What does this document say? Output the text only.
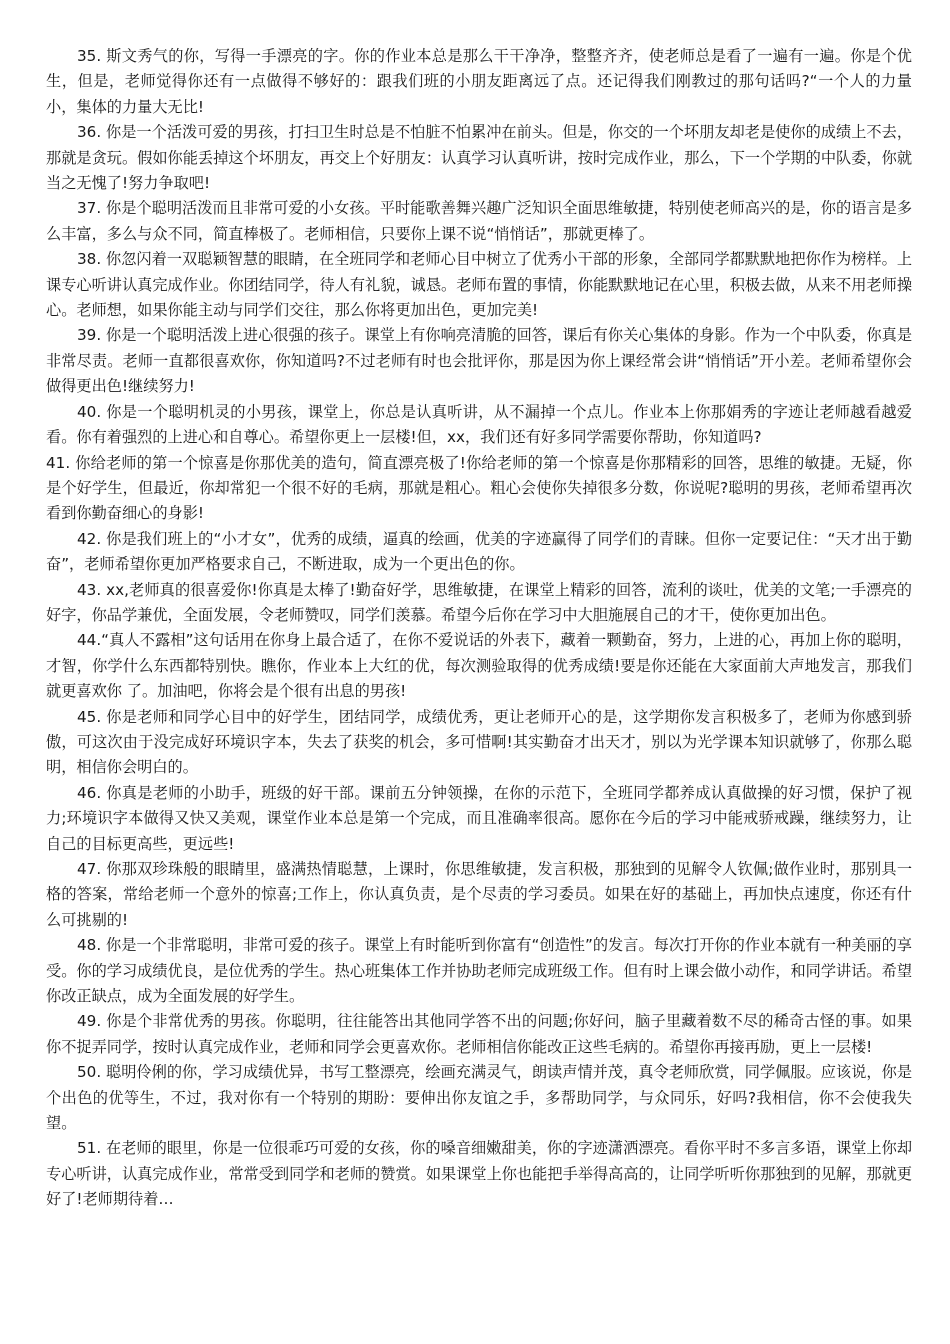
35. 斯文秀气的你，写得一手漂亮的字。你的作业本总是那么干干净净，整整齐齐，使老师总是看了一遍有一遍。你是个优生，但是，老师觉得你还有一点做得不够好的：跟我们班的小朋友距离远了点。还记得我们刚教过的那句话吗?“一个人的力量小，集体的力量大无比!

36. 你是一个活泼可爱的男孩，打扫卫生时总是不怕脏不怕累冲在前头。但是，你交的一个坏朋友却老是使你的成绩上不去，那就是贪玩。假如你能丢掉这个坏朋友，再交上个好朋友：认真学习认真听讲，按时完成作业，那么，下一个学期的中队委，你就当之无愧了!努力争取吧!

37. 你是个聪明活泼而且非常可爱的小女孩。平时能歌善舞兴趣广泛知识全面思维敏捷，特别使老师高兴的是，你的语言是多么丰富，多么与众不同，简直棒极了。老师相信，只要你上课不说“悄悄话”，那就更棒了。

38. 你忽闪着一双聪颖智慧的眼睛，在全班同学和老师心目中树立了优秀小干部的形象，全部同学都默默地把你作为榜样。上课专心听讲认真完成作业。你团结同学，待人有礼貌，诚恳。老师布置的事情，你能默默地记在心里，积极去做，从来不用老师操心。老师想，如果你能主动与同学们交往，那么你将更加出色，更加完美!

39. 你是一个聪明活泼上进心很强的孩子。课堂上有你响亮清脆的回答，课后有你关心集体的身影。作为一个中队委，你真是非常尽责。老师一直都很喜欢你，你知道吗?不过老师有时也会批评你，那是因为你上课经常会讲“悄悄话”开小差。老师希望你会做得更出色!继续努力!

40. 你是一个聪明机灵的小男孩，课堂上，你总是认真听讲，从不漏掉一个点儿。作业本上你那娟秀的字迹让老师越看越爱看。你有着强烈的上进心和自尊心。希望你更上一层楼!但，xx，我们还有好多同学需要你帮助，你知道吗?

41. 你给老师的第一个惊喜是你那优美的造句，简直漂亮极了!你给老师的第一个惊喜是你那精彩的回答，思维的敏捷。无疑，你是个好学生，但最近，你却常犯一个很不好的毛病，那就是粗心。粗心会使你失掉很多分数，你说呢?聪明的男孩，老师希望再次看到你勤奋细心的身影!

42. 你是我们班上的“小才女”，优秀的成绩，逼真的绘画，优美的字迹赢得了同学们的青睐。但你一定要记住：“天才出于勤奋”，老师希望你更加严格要求自己，不断进取，成为一个更出色的你。

43. xx,老师真的很喜爱你!你真是太棒了!勤奋好学，思维敏捷，在课堂上精彩的回答，流利的谈吐，优美的文笔;一手漂亮的好字，你品学兼优，全面发展，令老师赞叹，同学们羡慕。希望今后你在学习中大胆施展自己的才干，使你更加出色。

44.“真人不露相”这句话用在你身上最合适了，在你不爱说话的外表下，藏着一颗勤奋，努力，上进的心，再加上你的聪明，才智，你学什么东西都特别快。瞧你，作业本上大红的优，每次测验取得的优秀成绩!要是你还能在大家面前大声地发言，那我们就更喜欢你 了。加油吧，你将会是个很有出息的男孩!

45. 你是老师和同学心目中的好学生，团结同学，成绩优秀，更让老师开心的是，这学期你发言积极多了，老师为你感到骄傲，可这次由于没完成好环境识字本，失去了获奖的机会，多可惜啊!其实勤奋才出天才，别以为光学课本知识就够了，你那么聪明，相信你会明白的。

46. 你真是老师的小助手，班级的好干部。课前五分钟领操，在你的示范下，全班同学都养成认真做操的好习惯，保护了视力;环境识字本做得又快又美观，课堂作业本总是第一个完成，而且准确率很高。愿你在今后的学习中能戒骄戒躁，继续努力，让自己的目标更高些，更远些!

47. 你那双珍珠般的眼睛里，盛满热情聪慧，上课时，你思维敏捷，发言积极，那独到的见解令人钦佩;做作业时，那别具一格的答案，常给老师一个意外的惊喜;工作上，你认真负责，是个尽责的学习委员。如果在好的基础上，再加快点速度，你还有什么可挑剔的!

48. 你是一个非常聪明，非常可爱的孩子。课堂上有时能听到你富有“创造性”的发言。每次打开你的作业本就有一种美丽的享受。你的学习成绩优良，是位优秀的学生。热心班集体工作并协助老师完成班级工作。但有时上课会做小动作，和同学讲话。希望你改正缺点，成为全面发展的好学生。

49. 你是个非常优秀的男孩。你聪明，往往能答出其他同学答不出的问题;你好问，脑子里藏着数不尽的稀奇古怪的事。如果你不捉弄同学，按时认真完成作业，老师和同学会更喜欢你。老师相信你能改正这些毛病的。希望你再接再励，更上一层楼!

50. 聪明伶俐的你，学习成绩优异，书写工整漂亮，绘画充满灵气，朗读声情并茂，真令老师欣赏，同学佩服。应该说，你是个出色的优等生，不过，我对你有一个特别的期盼：要伸出你友谊之手，多帮助同学，与众同乐，好吗?我相信，你不会使我失望。

51. 在老师的眼里，你是一位很乖巧可爱的女孩，你的嗓音细嫩甜美，你的字迹潇洒漂亮。看你平时不多言多语，课堂上你却专心听讲，认真完成作业，常常受到同学和老师的赞赏。如果课堂上你也能把手举得高高的，让同学听听你那独到的见解，那就更好了!老师期待着…
